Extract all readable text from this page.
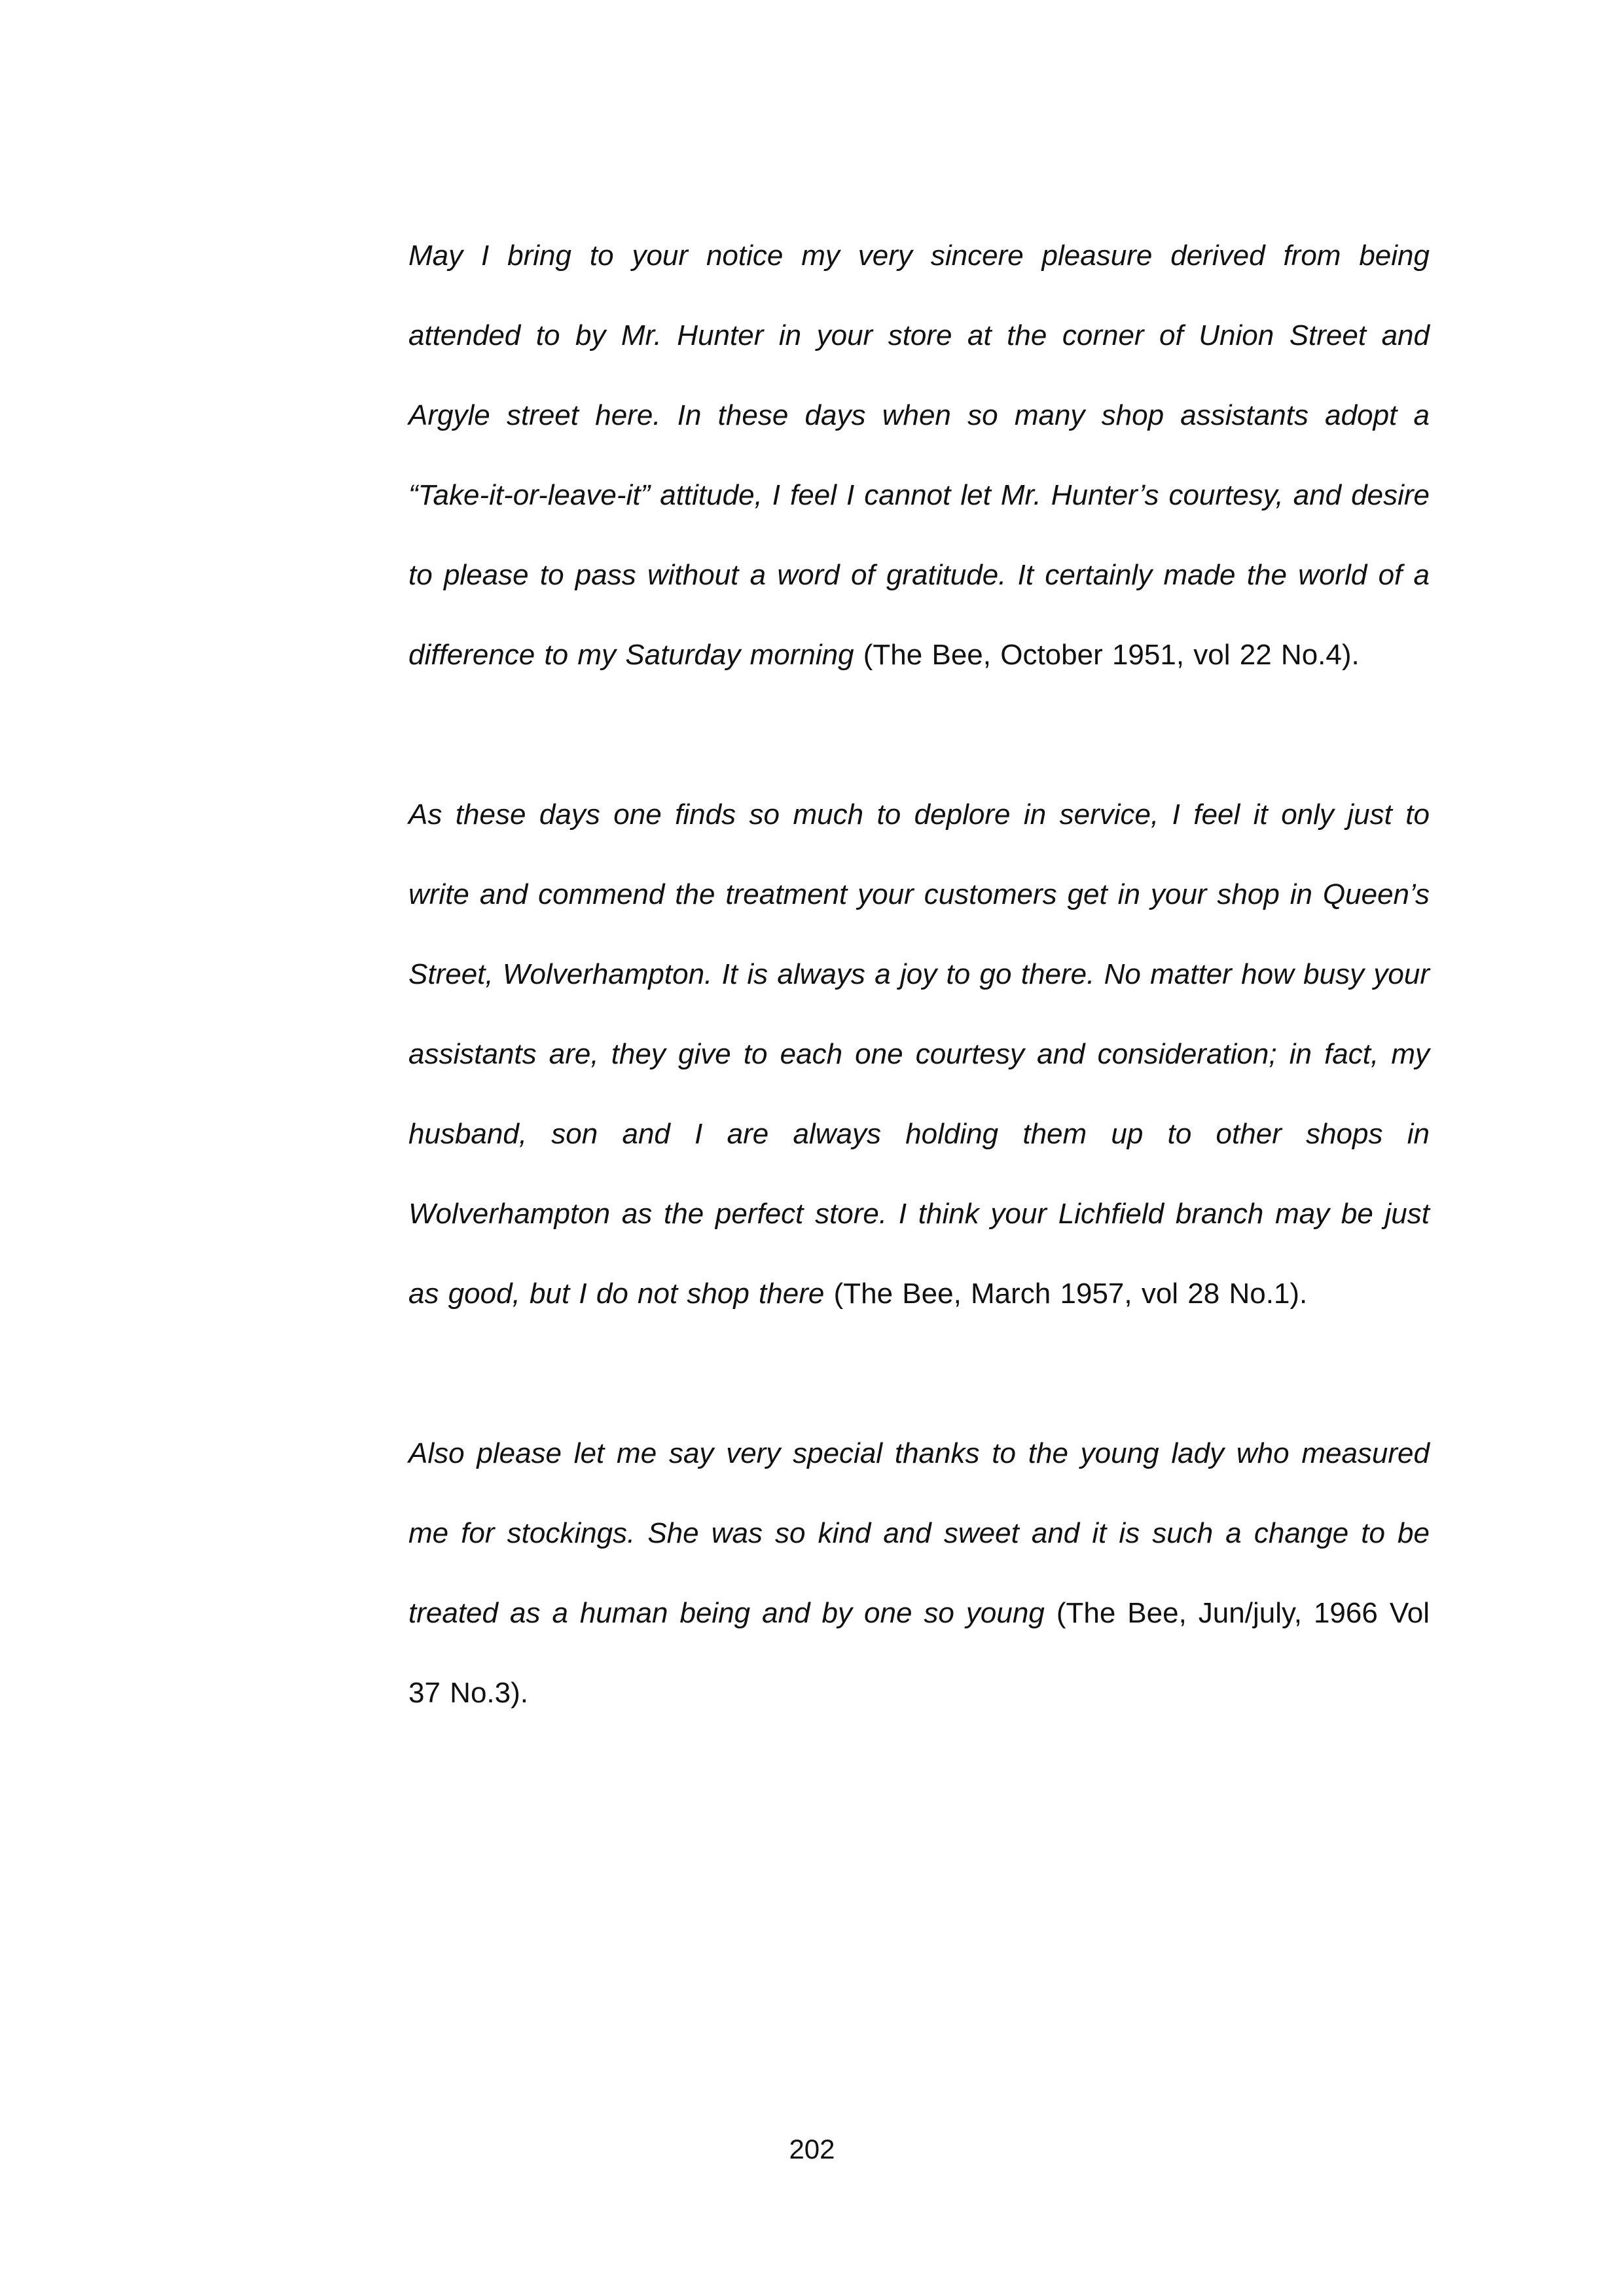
May I bring to your notice my very sincere pleasure derived from being attended to by Mr. Hunter in your store at the corner of Union Street and Argyle street here. In these days when so many shop assistants adopt a “Take-it-or-leave-it” attitude, I feel I cannot let Mr. Hunter’s courtesy, and desire to please to pass without a word of gratitude. It certainly made the world of a difference to my Saturday morning (The Bee, October 1951, vol 22 No.4).

As these days one finds so much to deplore in service, I feel it only just to write and commend the treatment your customers get in your shop in Queen’s Street, Wolverhampton. It is always a joy to go there. No matter how busy your assistants are, they give to each one courtesy and consideration; in fact, my husband, son and I are always holding them up to other shops in Wolverhampton as the perfect store. I think your Lichfield branch may be just as good, but I do not shop there (The Bee, March 1957, vol 28 No.1).

Also please let me say very special thanks to the young lady who measured me for stockings. She was so kind and sweet and it is such a change to be treated as a human being and by one so young (The Bee, Jun/july, 1966 Vol 37 No.3).

202
